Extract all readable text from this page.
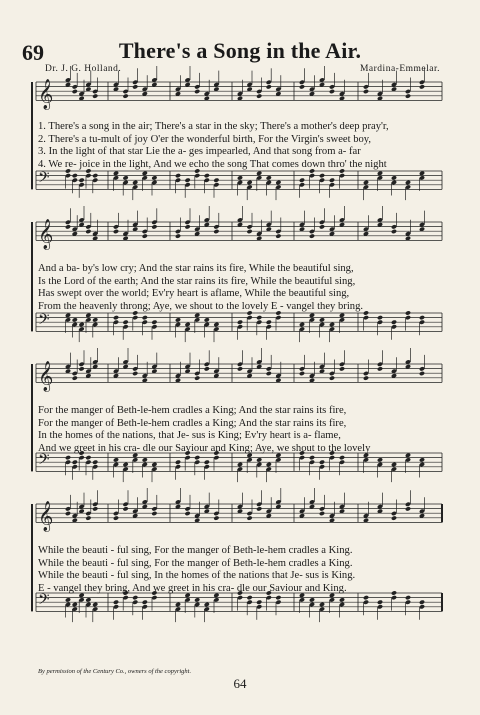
69	There's a Song in the Air.
Dr. J. G. Holland.	Mardina-Emmelar.
𝄞
𝄢
𝄞
𝄢
𝄞
𝄢
𝄞
𝄢
1. There's a song in the air; There's a star in the sky; There's a mother's deep pray'r,
2. There's a tu-mult of joy O'er the wonderful birth, For the Virgin's sweet boy,
3. In the light of that star Lie the a- ges impearled, And that song from a- far
4. We re- joice in the light, And we echo the song That comes down thro' the night
And a ba- by's low cry; And the star rains its fire, While the beautiful sing,
Is the Lord of the earth; And the star rains its fire, While the beautiful sing,
Has swept over the world; Ev'ry heart is aflame, While the beautiful sing,
From the heavenly throng; Aye, we shout to the lovely E - vangel they bring.
For the manger of Beth-le-hem cradles a King; And the star rains its fire,
For the manger of Beth-le-hem cradles a King; And the star rains its fire,
In the homes of the nations, that Je- sus is King; Ev'ry heart is a- flame,
And we greet in his cra- dle our Saviour and King; Aye, we shout to the lovely
While the beauti - ful sing, For the manger of Beth-le-hem cradles a King.
While the beauti - ful sing, For the manger of Beth-le-hem cradles a King.
While the beauti - ful sing, In the homes of the nations that Je- sus is King.
E - vangel they bring, And we greet in his cra- dle our Saviour and King.
By permission of the Century Co., owners of the copyright.
64
